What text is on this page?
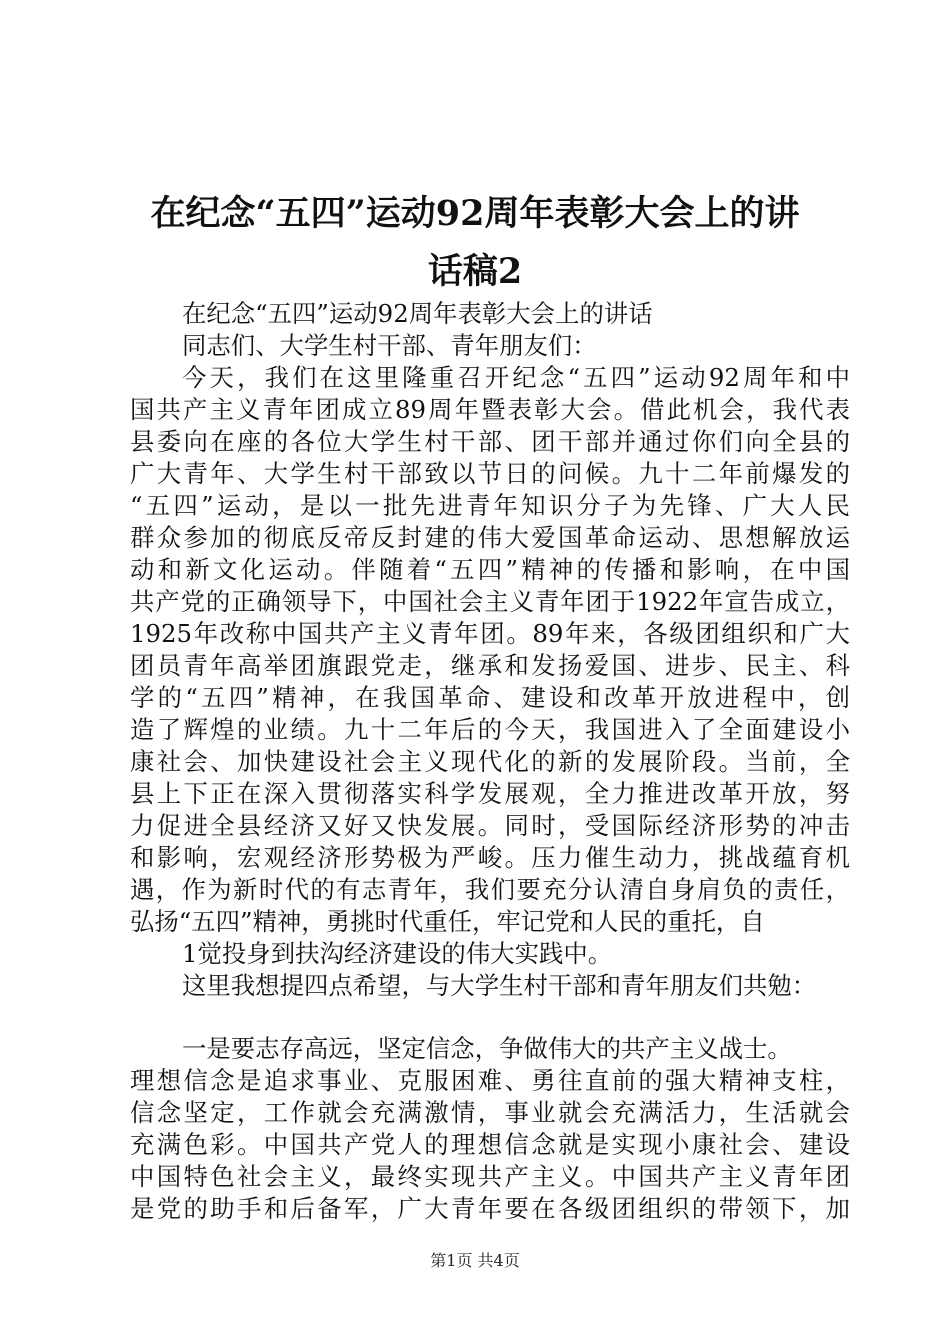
在纪念“五四”运动92周年表彰大会上的讲
话稿2

在纪念“五四”运动92周年表彰大会上的讲话

同志们、大学生村干部、青年朋友们：

今天，我们在这里隆重召开纪念“五四”运动92周年和中

国共产主义青年团成立89周年暨表彰大会。借此机会，我代表

县委向在座的各位大学生村干部、团干部并通过你们向全县的

广大青年、大学生村干部致以节日的问候。九十二年前爆发的

“五四”运动，是以一批先进青年知识分子为先锋、广大人民

群众参加的彻底反帝反封建的伟大爱国革命运动、思想解放运

动和新文化运动。伴随着“五四”精神的传播和影响，在中国

共产党的正确领导下，中国社会主义青年团于1922年宣告成立，

1925年改称中国共产主义青年团。89年来，各级团组织和广大

团员青年高举团旗跟党走，继承和发扬爱国、进步、民主、科

学的“五四”精神，在我国革命、建设和改革开放进程中，创

造了辉煌的业绩。九十二年后的今天，我国进入了全面建设小

康社会、加快建设社会主义现代化的新的发展阶段。当前，全

县上下正在深入贯彻落实科学发展观，全力推进改革开放，努

力促进全县经济又好又快发展。同时，受国际经济形势的冲击

和影响，宏观经济形势极为严峻。压力催生动力，挑战蕴育机

遇，作为新时代的有志青年，我们要充分认清自身肩负的责任，

弘扬“五四”精神，勇挑时代重任，牢记党和人民的重托，自

1觉投身到扶沟经济建设的伟大实践中。

这里我想提四点希望，与大学生村干部和青年朋友们共勉：

一是要志存高远，坚定信念，争做伟大的共产主义战士。

理想信念是追求事业、克服困难、勇往直前的强大精神支柱，

信念坚定，工作就会充满激情，事业就会充满活力，生活就会

充满色彩。中国共产党人的理想信念就是实现小康社会、建设

中国特色社会主义，最终实现共产主义。中国共产主义青年团

是党的助手和后备军，广大青年要在各级团组织的带领下，加

第1页 共4页
